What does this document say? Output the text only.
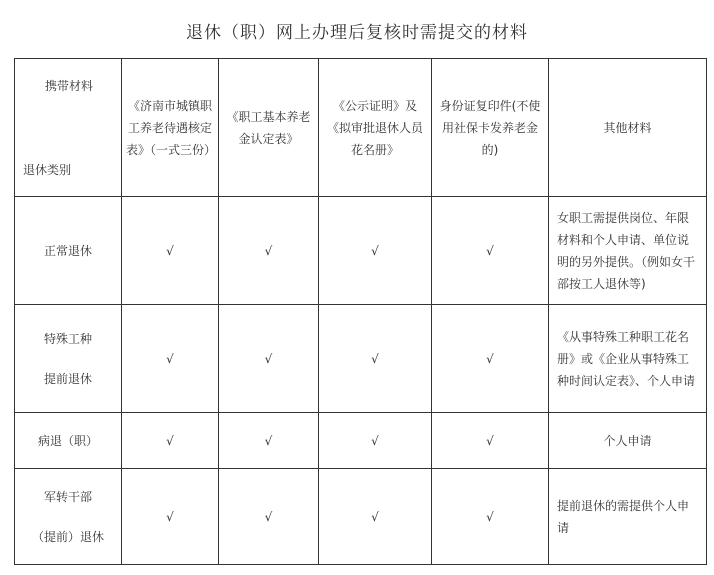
退休（职）网上办理后复核时需提交的材料
携带材料
退休类别	《济南市城镇职工养老待遇核定表》（一式三份）	《职工基本养老金认定表》	《公示证明》及《拟审批退休人员花名册》	身份证复印件(不使用社保卡发养老金的)	其他材料

正常退休	√	√	√	√	女职工需提供岗位、年限材料和个人申请、单位说明的另外提供。（例如女干部按工人退休等)

特殊工种
提前退休	√	√	√	√	《从事特殊工种职工花名册》或《企业从事特殊工种时间认定表》、个人申请

病退（职）	√	√	√	√	个人申请

军转干部
（提前）退休	√	√	√	√	提前退休的需提供个人申请
